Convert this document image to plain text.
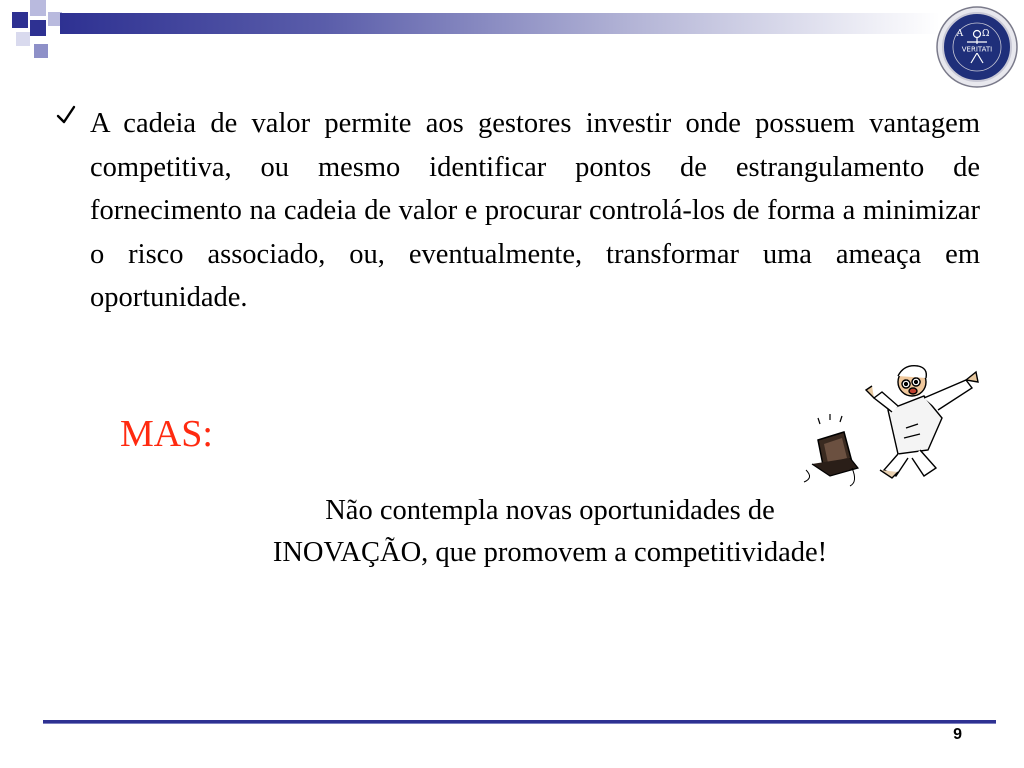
Α Ω
VERITATI
A cadeia de valor permite aos gestores investir onde possuem vantagem competitiva, ou mesmo identificar pontos de estrangulamento de fornecimento na cadeia de valor e procurar controlá-los de forma a minimizar o risco associado, ou, eventualmente, transformar uma ameaça em oportunidade.
MAS:
Não contempla novas oportunidades de
INOVAÇÃO, que promovem a competitividade!
9
